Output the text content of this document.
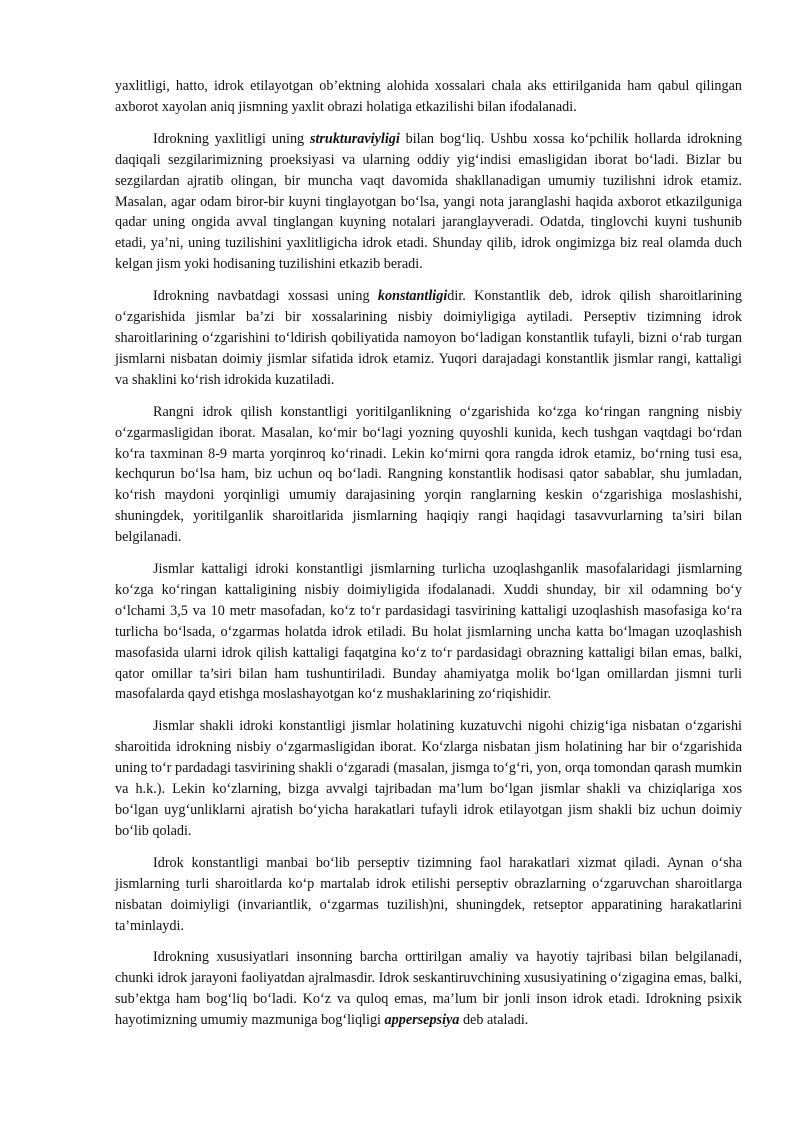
yaxlitligi, hatto, idrok etilayotgan ob’ektning alohida xossalari chala aks ettirilganida ham qabul qilingan axborot xayolan aniq jismning yaxlit obrazi holatiga etkazilishi bilan ifodalanadi.

Idrokning yaxlitligi uning strukturaviyligi bilan bog‘liq. Ushbu xossa ko‘pchilik hollarda idrokning daqiqali sezgilarimizning proeksiyasi va ularning oddiy yig‘indisi emasligidan iborat bo‘ladi. Bizlar bu sezgilardan ajratib olingan, bir muncha vaqt davomida shakllanadigan umumiy tuzilishni idrok etamiz. Masalan, agar odam biror-bir kuyni tinglayotgan bo‘lsa, yangi nota jaranglashi haqida axborot etkazilguniga qadar uning ongida avval tinglangan kuyning notalari jaranglayveradi. Odatda, tinglovchi kuyni tushunib etadi, ya’ni, uning tuzilishini yaxlitligicha idrok etadi. Shunday qilib, idrok ongimizga biz real olamda duch kelgan jism yoki hodisaning tuzilishini etkazib beradi.

Idrokning navbatdagi xossasi uning konstantligidir. Konstantlik deb, idrok qilish sharoitlarining o‘zgarishida jismlar ba’zi bir xossalarining nisbiy doimiyligiga aytiladi. Perseptiv tizimning idrok sharoitlarining o‘zgarishini to‘ldirish qobiliyatida namoyon bo‘ladigan konstantlik tufayli, bizni o‘rab turgan jismlarni nisbatan doimiy jismlar sifatida idrok etamiz. Yuqori darajadagi konstantlik jismlar rangi, kattaligi va shaklini ko‘rish idrokida kuzatiladi.

Rangni idrok qilish konstantligi yoritilganlikning o‘zgarishida ko‘zga ko‘ringan rangning nisbiy o‘zgarmasligidan iborat. Masalan, ko‘mir bo‘lagi yozning quyoshli kunida, kech tushgan vaqtdagi bo‘rdan ko‘ra taxminan 8-9 marta yorqinroq ko‘rinadi. Lekin ko‘mirni qora rangda idrok etamiz, bo‘rning tusi esa, kechqurun bo‘lsa ham, biz uchun oq bo‘ladi. Rangning konstantlik hodisasi qator sabablar, shu jumladan, ko‘rish maydoni yorqinligi umumiy darajasining yorqin ranglarning keskin o‘zgarishiga moslashishi, shuningdek, yoritilganlik sharoitlarida jismlarning haqiqiy rangi haqidagi tasavvurlarning ta’siri bilan belgilanadi.

Jismlar kattaligi idroki konstantligi jismlarning turlicha uzoqlashganlik masofalaridagi jismlarning ko‘zga ko‘ringan kattaligining nisbiy doimiyligida ifodalanadi. Xuddi shunday, bir xil odamning bo‘y o‘lchami 3,5 va 10 metr masofadan, ko‘z to‘r pardasidagi tasvirining kattaligi uzoqlashish masofasiga ko‘ra turlicha bo‘lsada, o‘zgarmas holatda idrok etiladi. Bu holat jismlarning uncha katta bo‘lmagan uzoqlashish masofasida ularni idrok qilish kattaligi faqatgina ko‘z to‘r pardasidagi obrazning kattaligi bilan emas, balki, qator omillar ta’siri bilan ham tushuntiriladi. Bunday ahamiyatga molik bo‘lgan omillardan jismni turli masofalarda qayd etishga moslashayotgan ko‘z mushaklarining zo‘riqishidir.

Jismlar shakli idroki konstantligi jismlar holatining kuzatuvchi nigohi chizig‘iga nisbatan o‘zgarishi sharoitida idrokning nisbiy o‘zgarmasligidan iborat. Ko‘zlarga nisbatan jism holatining har bir o‘zgarishida uning to‘r pardadagi tasvirining shakli o‘zgaradi (masalan, jismga to‘g‘ri, yon, orqa tomondan qarash mumkin va h.k.). Lekin ko‘zlarning, bizga avvalgi tajribadan ma’lum bo‘lgan jismlar shakli va chiziqlariga xos bo‘lgan uyg‘unliklarni ajratish bo‘yicha harakatlari tufayli idrok etilayotgan jism shakli biz uchun doimiy bo‘lib qoladi.

Idrok konstantligi manbai bo‘lib perseptiv tizimning faol harakatlari xizmat qiladi. Aynan o‘sha jismlarning turli sharoitlarda ko‘p martalab idrok etilishi perseptiv obrazlarning o‘zgaruvchan sharoitlarga nisbatan doimiyligi (invariantlik, o‘zgarmas tuzilish)ni, shuningdek, retseptor apparatining harakatlarini ta’minlaydi.

Idrokning xususiyatlari insonning barcha orttirilgan amaliy va hayotiy tajribasi bilan belgilanadi, chunki idrok jarayoni faoliyatdan ajralmasdir. Idrok seskantiruvchining xususiyatining o‘zigagina emas, balki, sub’ektga ham bog‘liq bo‘ladi. Ko‘z va quloq emas, ma’lum bir jonli inson idrok etadi. Idrokning psixik hayotimizning umumiy mazmuniga bog‘liqligi appersepsiya deb ataladi.
